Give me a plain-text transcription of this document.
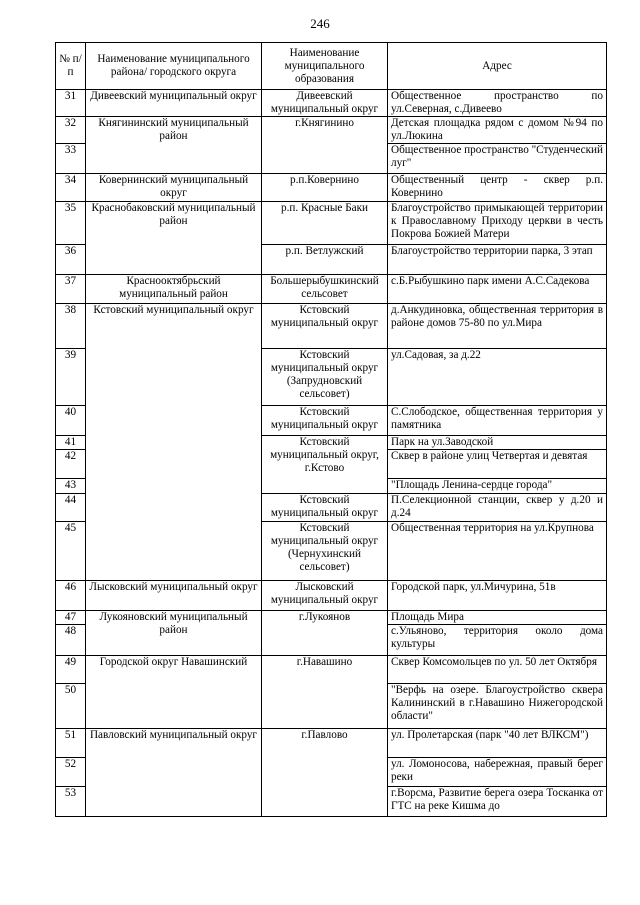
246
№ п/п	Наименование муниципального района/ городского округа	Наименование муниципального образования	Адрес
31	Дивеевский муниципальный округ	Дивеевский муниципальный округ	Общественное пространство по ул.Северная, с.Дивеево
32	Княгининский муниципальный район	г.Княгинино	Детская площадка рядом с домом №94 по ул.Люкина
33			Общественное пространство "Студенческий луг"
34	Ковернинский муниципальный округ	р.п.Ковернино	Общественный центр - сквер р.п. Ковернино
35	Краснобаковский муниципальный район	р.п. Красные Баки	Благоустройство примыкающей территории к Православному Приходу церкви в честь Покрова Божией Матери
36		р.п. Ветлужский	Благоустройство территории парка, 3 этап
37	Краснооктябрьский муниципальный район	Большерыбушкинский сельсовет	с.Б.Рыбушкино парк имени А.С.Садекова
38	Кстовский муниципальный округ	Кстовский муниципальный округ	д.Анкудиновка, общественная территория в районе домов 75-80 по ул.Мира
39		Кстовский муниципальный округ (Запрудновский сельсовет)	ул.Садовая, за д.22
40		Кстовский муниципальный округ	С.Слободское, общественная территория у памятника
41		Кстовский муниципальный округ, г.Кстово	Парк на ул.Заводской
42			Сквер в районе улиц Четвертая и девятая
43			"Площадь Ленина-сердце города"
44		Кстовский муниципальный округ	П.Селекционной станции, сквер у д.20 и д.24
45		Кстовский муниципальный округ (Чернухинский сельсовет)	Общественная территория на ул.Крупнова
46	Лысковский муниципальный округ	Лысковский муниципальный округ	Городской парк, ул.Мичурина, 51в
47	Лукояновский муниципальный район	г.Лукоянов	Площадь Мира
48			с.Ульяново, территория около дома культуры
49	Городской округ Навашинский	г.Навашино	Сквер Комсомольцев по ул. 50 лет Октября
50			"Верфь на озере. Благоустройство сквера Калининский в г.Навашино Нижегородской области"
51	Павловский муниципальный округ	г.Павлово	ул. Пролетарская (парк "40 лет ВЛКСМ")
52			ул. Ломоносова, набережная, правый берег реки
53			г.Ворсма, Развитие берега озера Тосканка от ГТС на реке Кишма до
